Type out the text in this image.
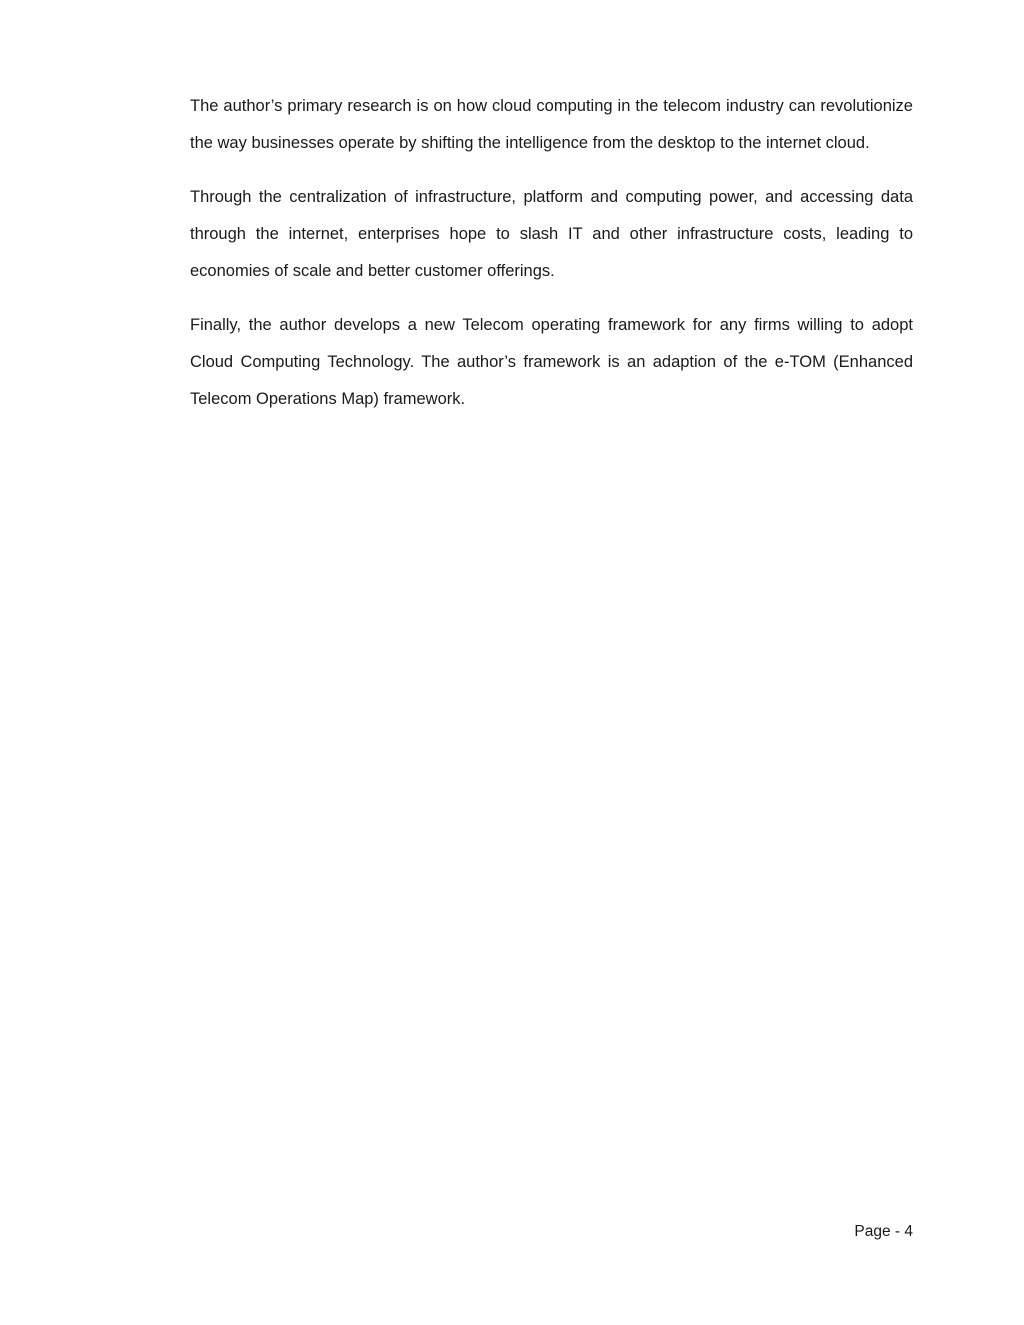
The author’s primary research is on how cloud computing in the telecom industry can revolutionize the way businesses operate by shifting the intelligence from the desktop to the internet cloud.

Through the centralization of infrastructure, platform and computing power, and accessing data through the internet, enterprises hope to slash IT and other infrastructure costs, leading to economies of scale and better customer offerings.

Finally, the author develops a new Telecom operating framework for any firms willing to adopt Cloud Computing Technology. The author’s framework is an adaption of the e-TOM (Enhanced Telecom Operations Map) framework.

Page - 4
